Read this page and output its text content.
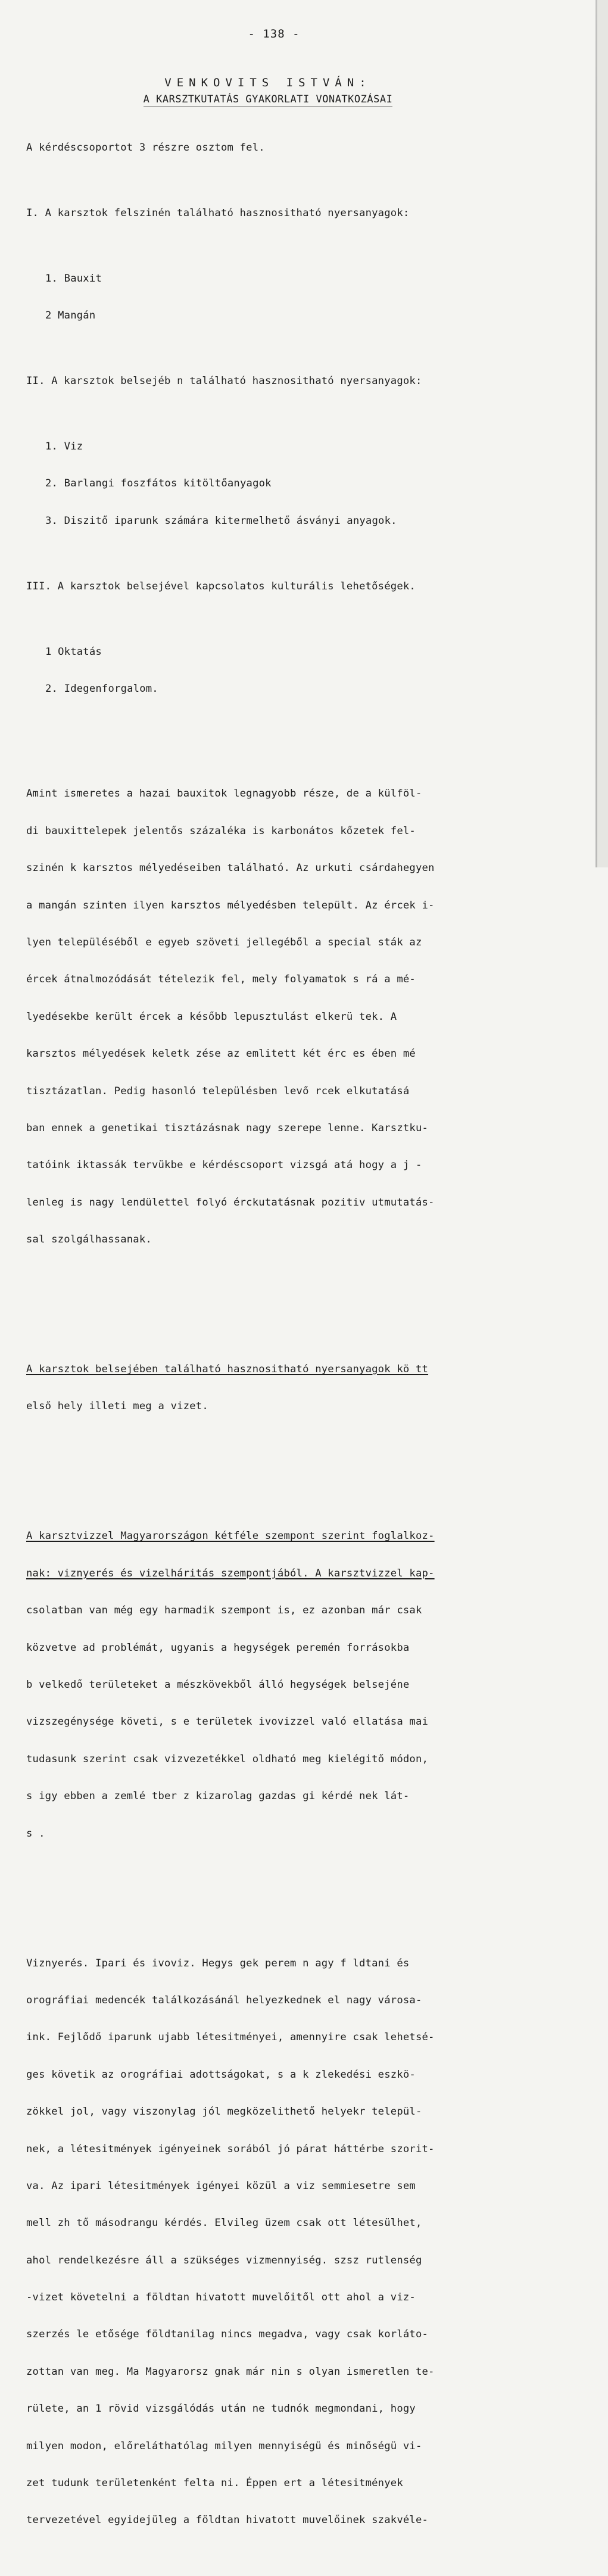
- 138 -
VENKOVITS ISTVÁN:
A KARSZTKUTATÁS GYAKORLATI VONATKOZÁSAI

A kérdéscsoportot 3 részre osztom fel.

I. A karsztok felszinén található hasznositható nyersanyagok:

1. Bauxit

2 Mangán

II. A karsztok belsejéb n található hasznositható nyersanyagok:

1. Viz

2. Barlangi foszfátos kitöltőanyagok

3. Diszitő iparunk számára kitermelhető ásványi anyagok.

III. A karsztok belsejével kapcsolatos kulturális lehetőségek.

1 Oktatás

2. Idegenforgalom.

Amint ismeretes a hazai bauxitok legnagyobb része, de a külföl-

di bauxittelepek jelentős százaléka is karbonátos kőzetek fel-

szinén k karsztos mélyedéseiben található. Az urkuti csárdahegyen

a mangán szinten ilyen karsztos mélyedésben települt. Az ércek i-

lyen településéből e egyeb szöveti jellegéből a special sták az

ércek átnalmozódását tételezik fel, mely folyamatok s rá a mé-

lyedésekbe került ércek a később lepusztulást elkerü tek. A

karsztos mélyedések keletk zése az emlitett két érc es ében mé

tisztázatlan. Pedig hasonló településben levő rcek elkutatásá

ban ennek a genetikai tisztázásnak nagy szerepe lenne. Karsztku-

tatóink iktassák tervükbe e kérdéscsoport vizsgá atá hogy a j -

lenleg is nagy lendülettel folyó érckutatásnak pozitiv utmutatás-

sal szolgálhassanak.

A karsztok belsejében található hasznositható nyersanyagok kö tt

első hely illeti meg a vizet.

A karsztvizzel Magyarországon kétféle szempont szerint foglalkoz-

nak: viznyerés és vizelháritás szempontjából. A karsztvizzel kap-

csolatban van még egy harmadik szempont is, ez azonban már csak

közvetve ad problémát, ugyanis a hegységek peremén forrásokba

b velkedő területeket a mészkövekből álló hegységek belsejéne

vizszegénysége követi, s e területek ivovizzel való ellatása mai

tudasunk szerint csak vizvezetékkel oldható meg kielégitő módon,

s igy ebben a zemlé tber z kizarolag gazdas gi kérdé nek lát-

s .

Viznyerés. Ipari és ivoviz. Hegys gek perem n agy f ldtani és

orográfiai medencék találkozásánál helyezkednek el nagy városa-

ink. Fejlődő iparunk ujabb létesitményei, amennyire csak lehetsé-

ges követik az orográfiai adottságokat, s a k zlekedési eszkö-

zökkel jol, vagy viszonylag jól megközelithető helyekr települ-

nek, a létesitmények igényeinek sorából jó párat háttérbe szorit-

va. Az ipari létesitmények igényei közül a viz semmiesetre sem

mell zh tő másodrangu kérdés. Elvileg üzem csak ott létesülhet,

ahol rendelkezésre áll a szükséges vizmennyiség. szsz rutlenség

-vizet követelni a földtan hivatott muvelőitől ott ahol a viz-

szerzés le etősége földtanilag nincs megadva, vagy csak korláto-

zottan van meg. Ma Magyarorsz gnak már nin s olyan ismeretlen te-

rülete, an 1 rövid vizsgálódás után ne tudnók megmondani, hogy

milyen modon, előreláthatólag milyen mennyiségü és minőségü vi-

zet tudunk területenként felta ni. Éppen ert a létesitmények

tervezetével egyidejüleg a földtan hivatott muvelőinek szakvéle-
